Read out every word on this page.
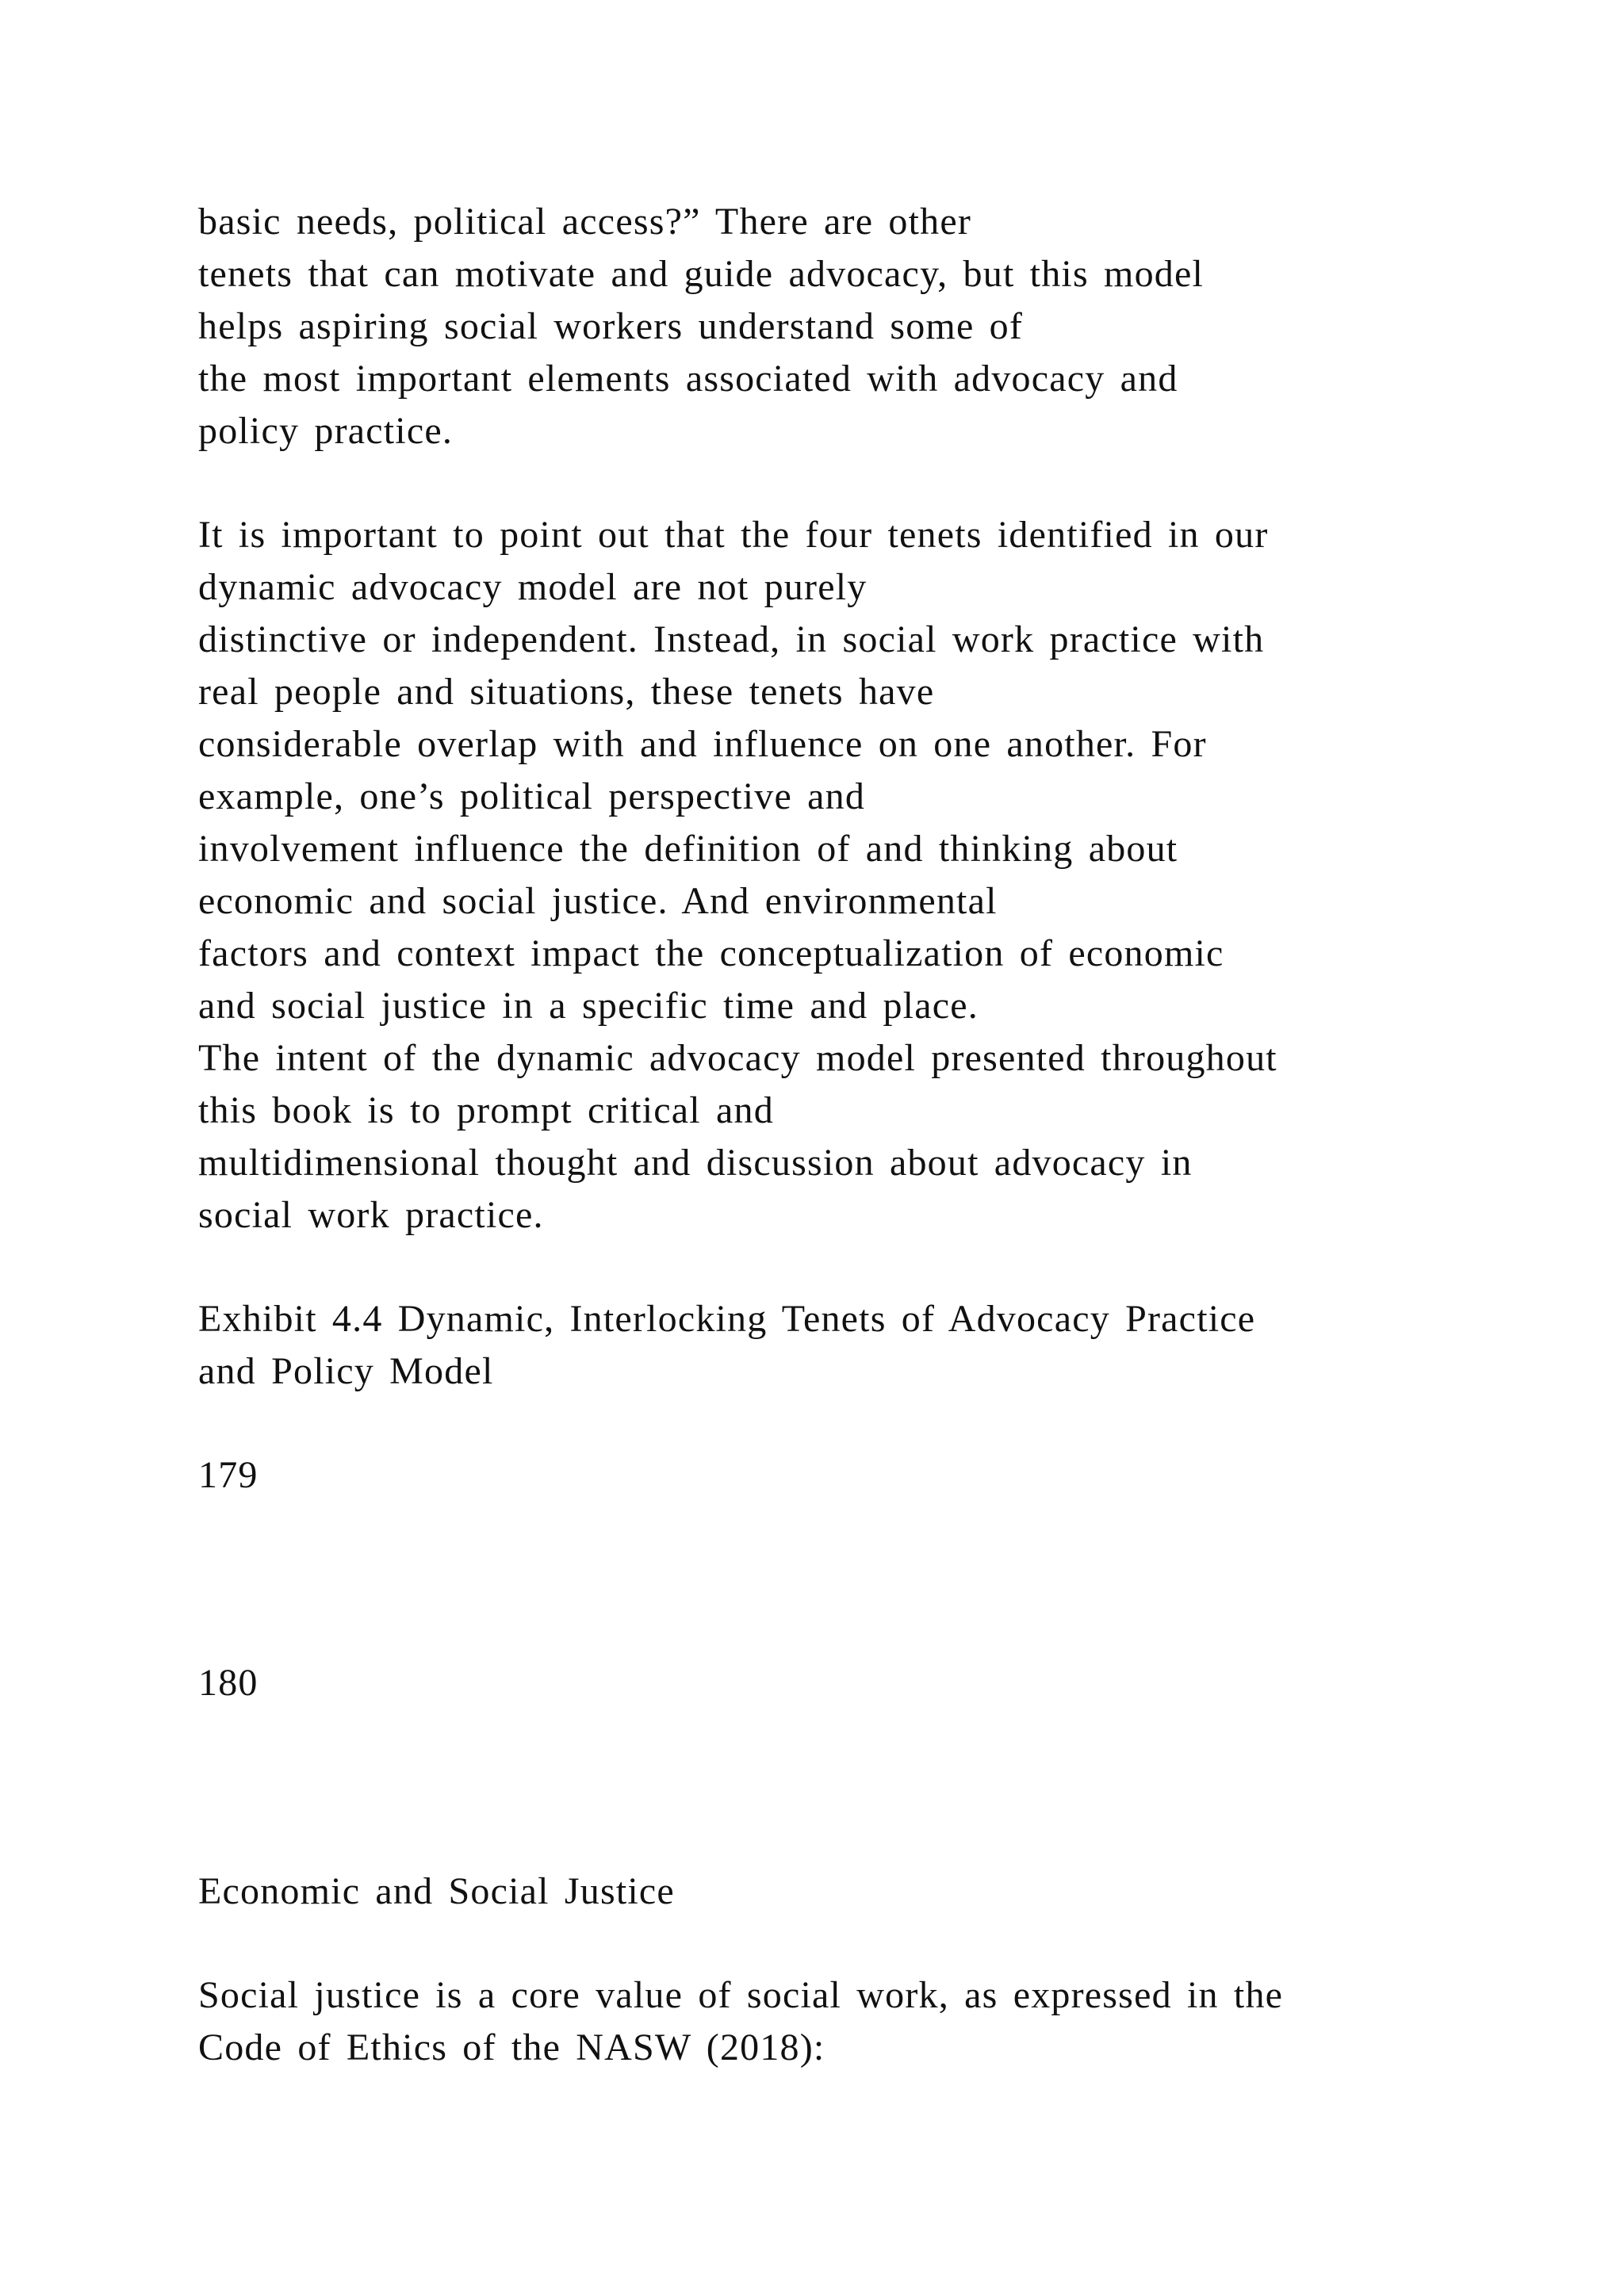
basic needs, political access?” There are other

tenets that can motivate and guide advocacy, but this model

helps aspiring social workers understand some of

the most important elements associated with advocacy and

policy practice.

It is important to point out that the four tenets identified in our

dynamic advocacy model are not purely

distinctive or independent. Instead, in social work practice with

real people and situations, these tenets have

considerable overlap with and influence on one another. For

example, one’s political perspective and

involvement influence the definition of and thinking about

economic and social justice. And environmental

factors and context impact the conceptualization of economic

and social justice in a specific time and place.

The intent of the dynamic advocacy model presented throughout

this book is to prompt critical and

multidimensional thought and discussion about advocacy in

social work practice.

Exhibit 4.4 Dynamic, Interlocking Tenets of Advocacy Practice

and Policy Model

179

180

Economic and Social Justice

Social justice is a core value of social work, as expressed in the

Code of Ethics of the NASW (2018):
